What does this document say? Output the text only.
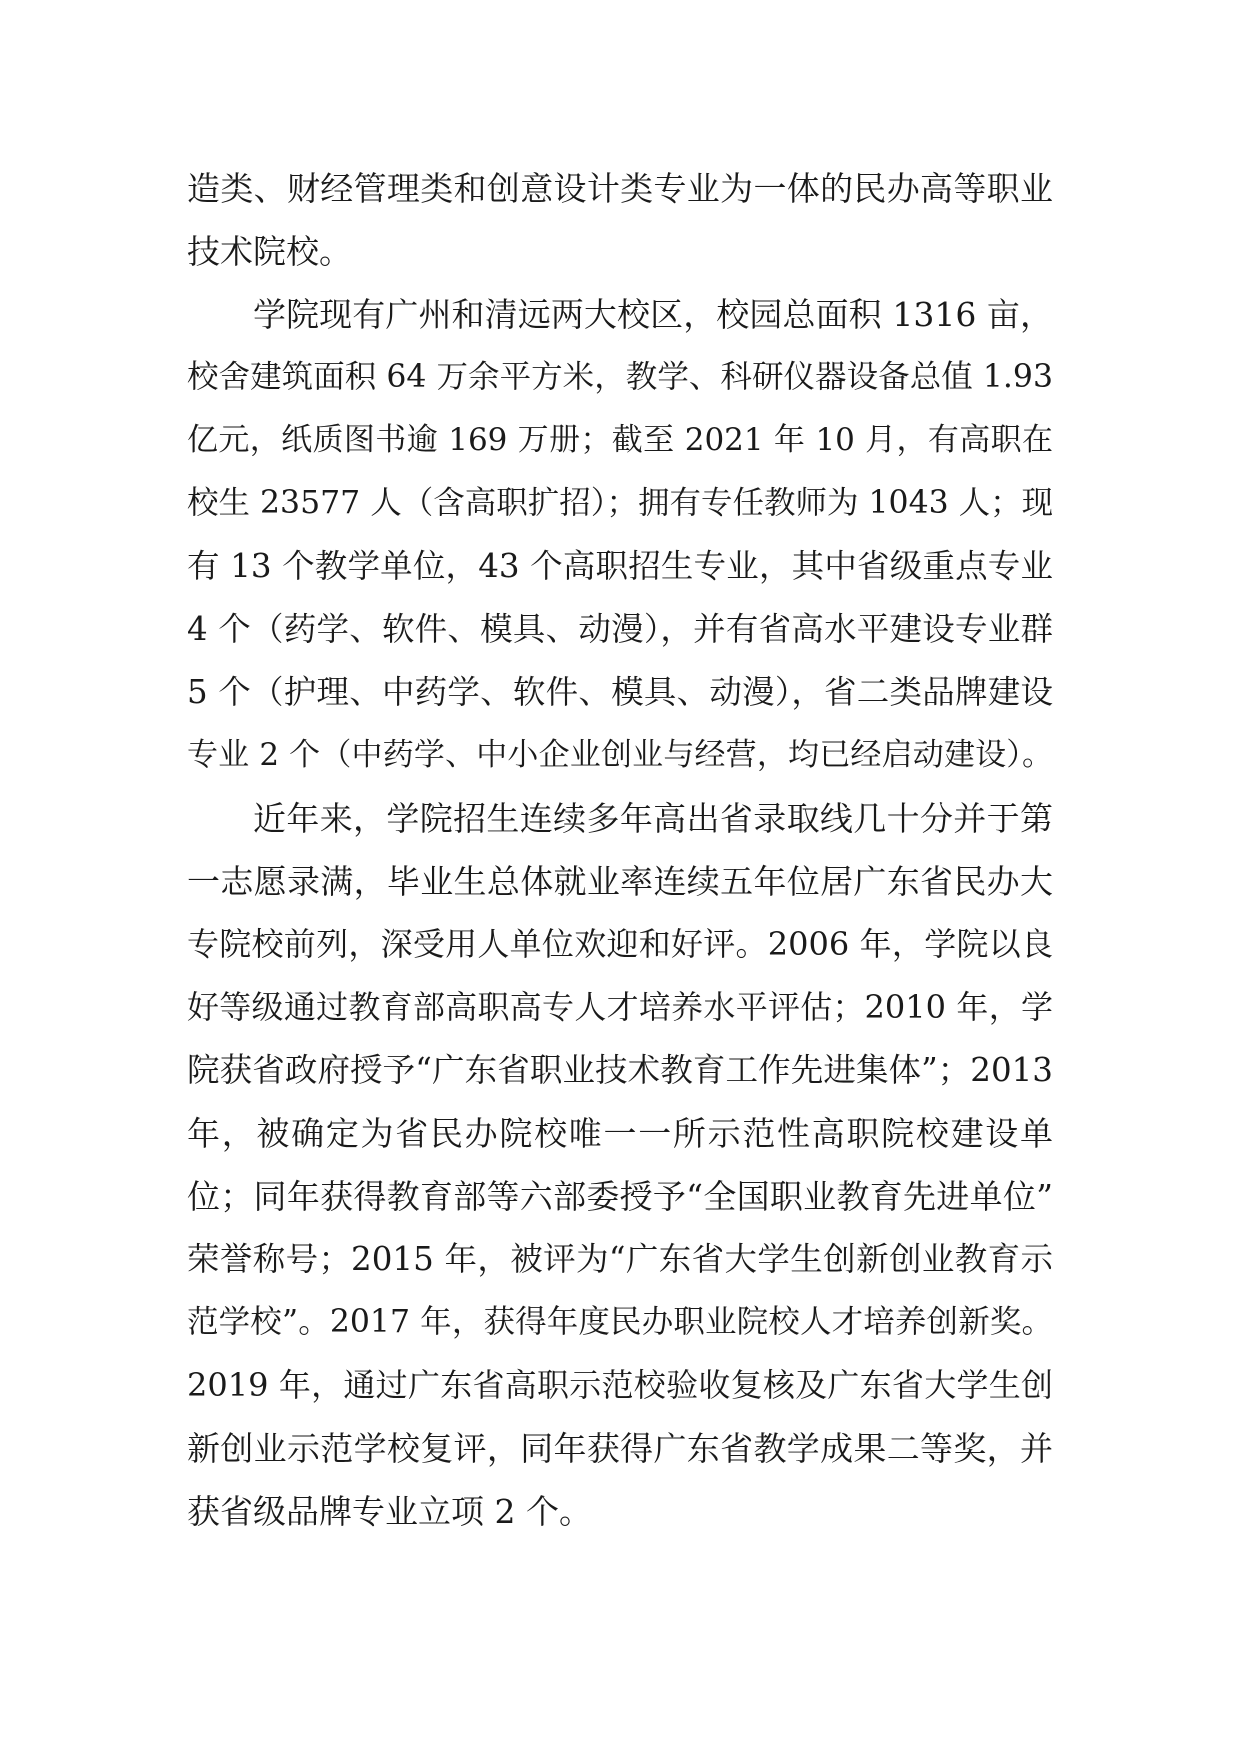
造类、财经管理类和创意设计类专业为一体的民办高等职业
技术院校。
学院现有广州和清远两大校区，校园总面积 1316 亩，
校舍建筑面积 64 万余平方米，教学、科研仪器设备总值 1.93
亿元，纸质图书逾 169 万册；截至 2021 年 10 月，有高职在
校生 23577 人（含高职扩招）；拥有专任教师为 1043 人；现
有 13 个教学单位，43 个高职招生专业，其中省级重点专业
4 个（药学、软件、模具、动漫），并有省高水平建设专业群
5 个（护理、中药学、软件、模具、动漫），省二类品牌建设
专业 2 个（中药学、中小企业创业与经营，均已经启动建设）。
近年来，学院招生连续多年高出省录取线几十分并于第
一志愿录满，毕业生总体就业率连续五年位居广东省民办大
专院校前列，深受用人单位欢迎和好评。2006 年，学院以良
好等级通过教育部高职高专人才培养水平评估；2010 年，学
院获省政府授予“广东省职业技术教育工作先进集体”；2013
年，被确定为省民办院校唯一一所示范性高职院校建设单
位；同年获得教育部等六部委授予“全国职业教育先进单位”
荣誉称号；2015 年，被评为“广东省大学生创新创业教育示
范学校”。2017 年，获得年度民办职业院校人才培养创新奖。
2019 年，通过广东省高职示范校验收复核及广东省大学生创
新创业示范学校复评，同年获得广东省教学成果二等奖，并
获省级品牌专业立项 2 个。
